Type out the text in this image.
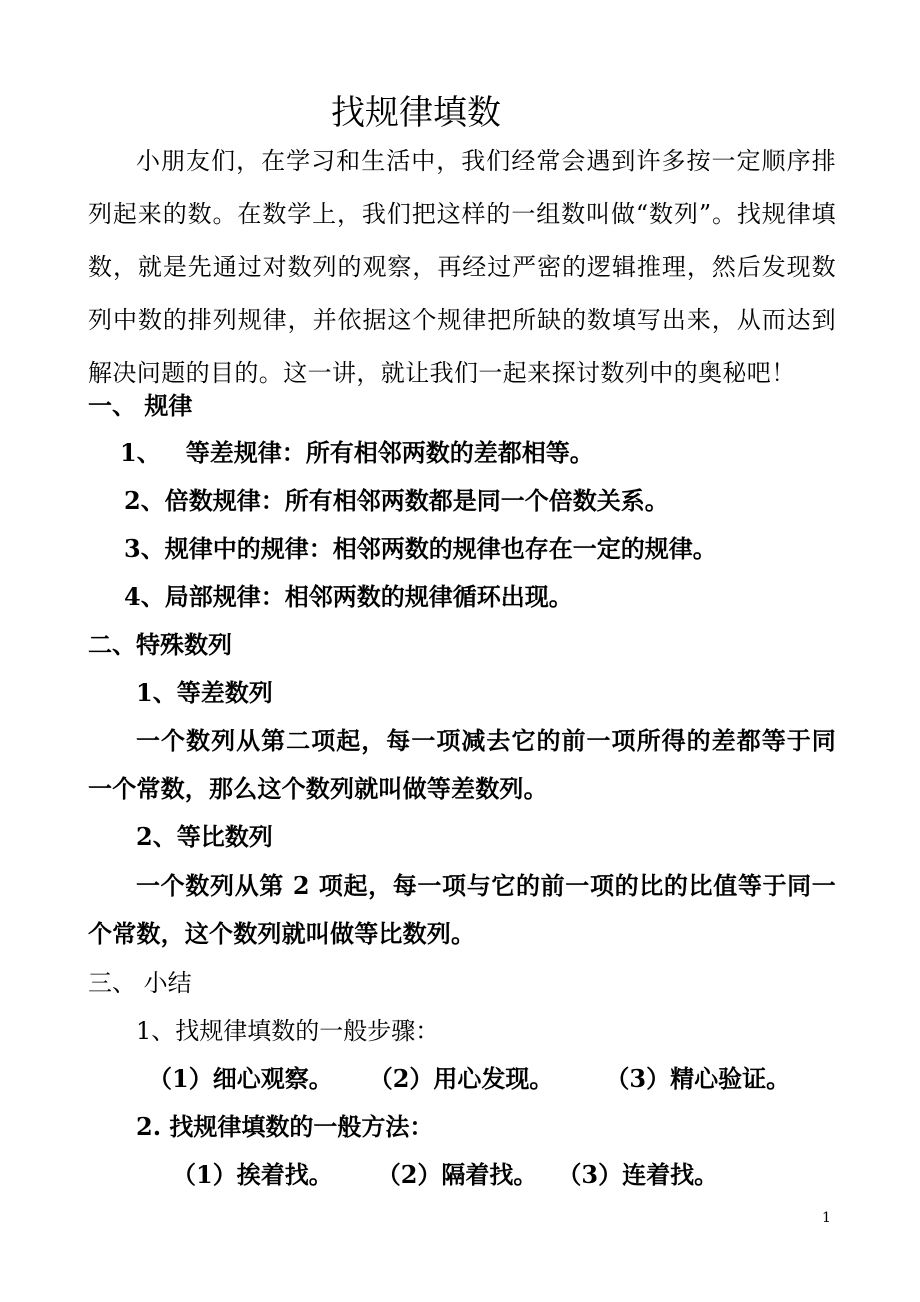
找规律填数

小朋友们，在学习和生活中，我们经常会遇到许多按一定顺序排列起来的数。在数学上，我们把这样的一组数叫做“数列”。找规律填数，就是先通过对数列的观察，再经过严密的逻辑推理，然后发现数列中数的排列规律，并依据这个规律把所缺的数填写出来，从而达到解决问题的目的。这一讲，就让我们一起来探讨数列中的奥秘吧！

一、 规律

1、   等差规律：所有相邻两数的差都相等。

2、倍数规律：所有相邻两数都是同一个倍数关系。

3、规律中的规律：相邻两数的规律也存在一定的规律。

4、局部规律：相邻两数的规律循环出现。

二、特殊数列

1、等差数列

一个数列从第二项起，每一项减去它的前一项所得的差都等于同一个常数，那么这个数列就叫做等差数列。

2、等比数列

一个数列从第 2 项起，每一项与它的前一项的比的比值等于同一个常数，这个数列就叫做等比数列。

三、 小结

1、找规律填数的一般步骤：

（1）细心观察。 （2）用心发现。 （3）精心验证。

2. 找规律填数的一般方法：

（1）挨着找。 （2）隔着找。 （3）连着找。
1
